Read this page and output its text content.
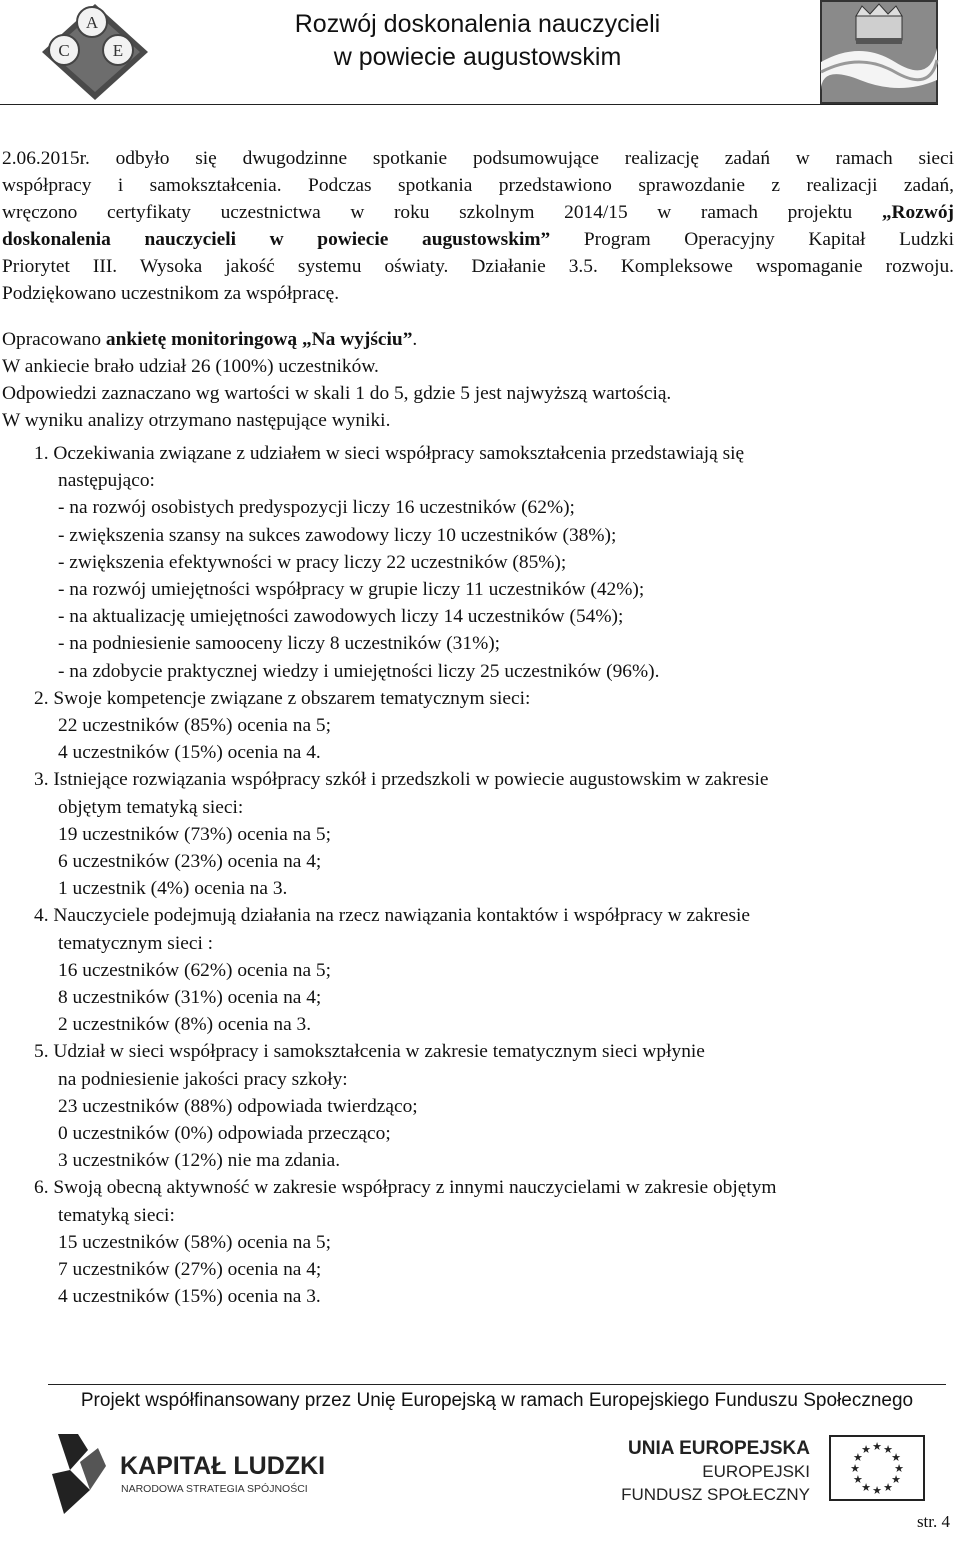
A
C	E
Rozwój doskonalenia nauczycieli
w powiecie augustowskim
2.06.2015r. odbyło się dwugodzinne spotkanie podsumowujące realizację zadań w ramach sieci
współpracy i samokształcenia. Podczas spotkania przedstawiono sprawozdanie z realizacji zadań,
wręczono certyfikaty uczestnictwa w roku szkolnym 2014/15 w ramach projektu „Rozwój
doskonalenia nauczycieli w powiecie augustowskim” Program Operacyjny Kapitał Ludzki
Priorytet III. Wysoka jakość systemu oświaty. Działanie 3.5. Kompleksowe wspomaganie rozwoju.
Podziękowano uczestnikom za współpracę.
Opracowano ankietę monitoringową „Na wyjściu”.
W ankiecie brało udział 26 (100%) uczestników.
Odpowiedzi zaznaczano wg wartości w skali 1 do 5, gdzie 5 jest najwyższą wartością.
W wyniku analizy otrzymano następujące wyniki.
1. Oczekiwania związane z udziałem w sieci współpracy samokształcenia przedstawiają się
następująco:
- na rozwój osobistych predyspozycji liczy 16 uczestników (62%);
- zwiększenia szansy na sukces zawodowy liczy 10 uczestników (38%);
- zwiększenia efektywności w pracy liczy 22 uczestników (85%);
- na rozwój umiejętności współpracy w grupie liczy 11 uczestników (42%);
- na aktualizację umiejętności zawodowych liczy 14 uczestników (54%);
- na podniesienie samooceny liczy 8 uczestników (31%);
- na zdobycie praktycznej wiedzy i umiejętności liczy 25 uczestników (96%).
2. Swoje kompetencje związane z obszarem tematycznym sieci:
22 uczestników (85%) ocenia na 5;
4 uczestników (15%) ocenia na 4.
3. Istniejące rozwiązania współpracy szkół i przedszkoli w powiecie augustowskim w zakresie
objętym tematyką sieci:
19 uczestników (73%) ocenia na 5;
6 uczestników (23%) ocenia na 4;
1 uczestnik (4%) ocenia na 3.
4. Nauczyciele podejmują działania na rzecz nawiązania kontaktów i współpracy w zakresie
tematycznym sieci :
16 uczestników (62%) ocenia na 5;
8 uczestników (31%) ocenia na 4;
2 uczestników (8%) ocenia na 3.
5. Udział w sieci współpracy i samokształcenia w zakresie tematycznym sieci wpłynie
na podniesienie jakości pracy szkoły:
23 uczestników (88%) odpowiada twierdząco;
0 uczestników (0%) odpowiada przecząco;
3 uczestników (12%) nie ma zdania.
6. Swoją obecną aktywność w zakresie współpracy z innymi nauczycielami w zakresie objętym
tematyką sieci:
15 uczestników (58%) ocenia na 5;
7 uczestników (27%) ocenia na 4;
4 uczestników (15%) ocenia na 3.
Projekt współfinansowany przez Unię Europejską w ramach Europejskiego Funduszu Społecznego
KAPITAŁ LUDZKI
NARODOWA STRATEGIA SPÓJNOŚCI
UNIA EUROPEJSKA
EUROPEJSKI
FUNDUSZ SPOŁECZNY
★ ★
★
★
★
★
★
★
★
★
★
★
str. 4
